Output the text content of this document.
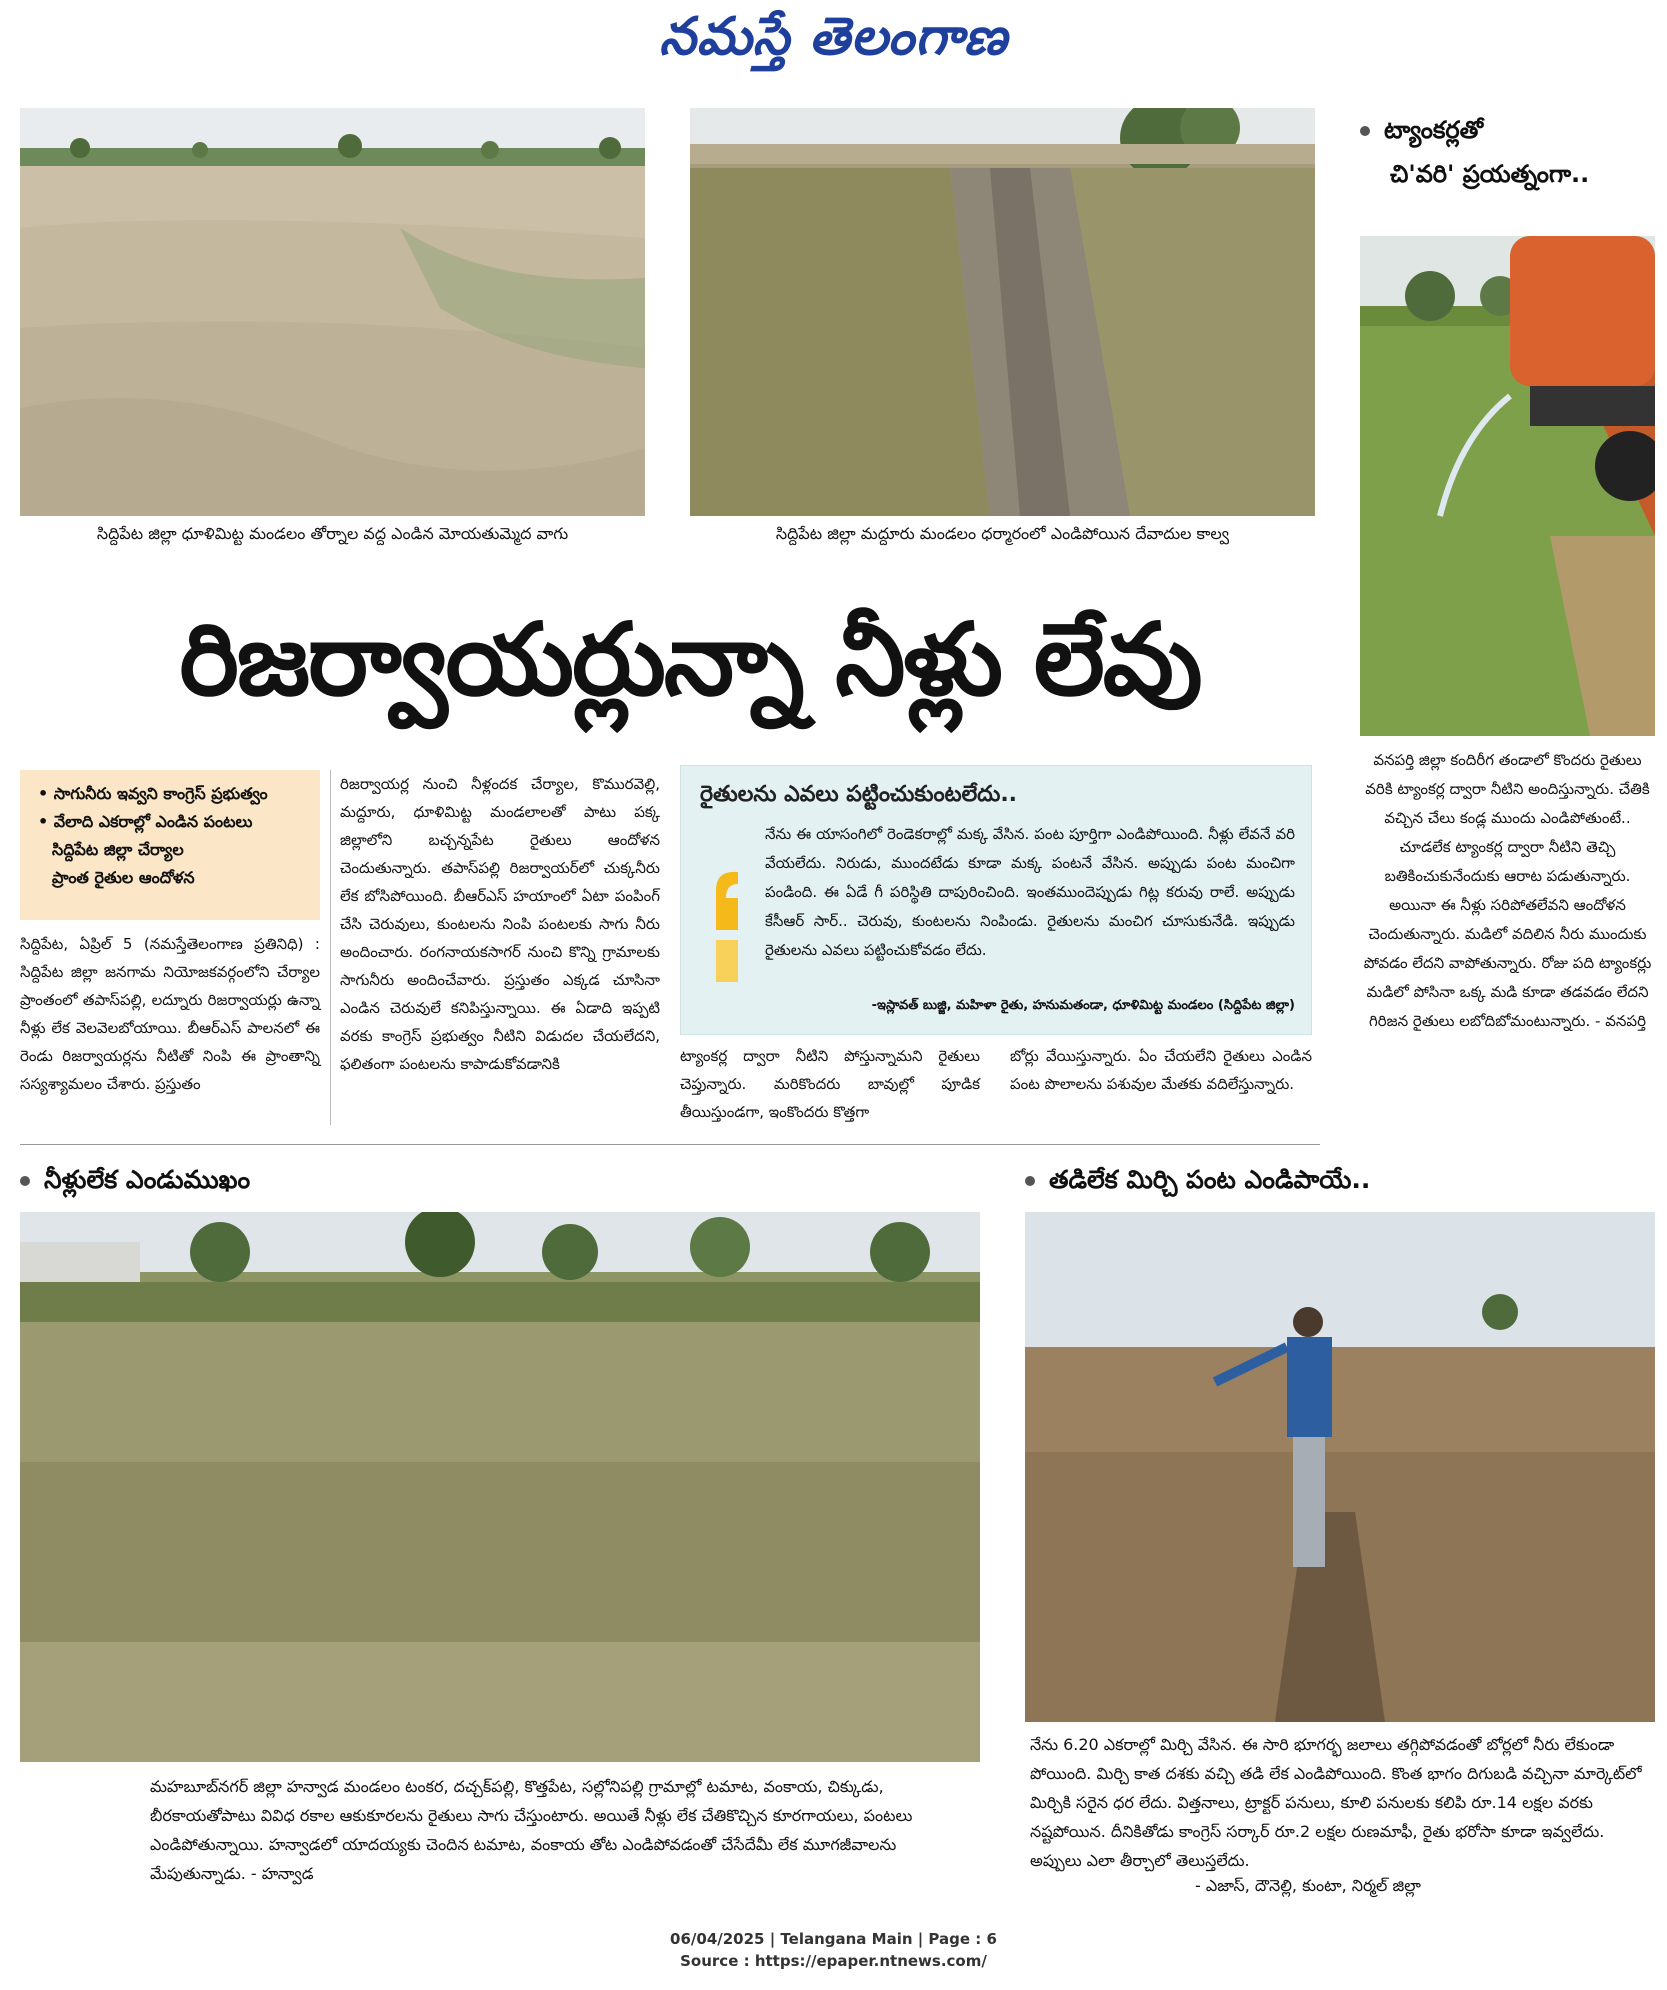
నమస్తే తెలంగాణ
సిద్దిపేట జిల్లా ధూళిమిట్ట మండలం తోర్నాల వద్ద ఎండిన మోయతుమ్మెద వాగు	సిద్దిపేట జిల్లా మద్దూరు మండలం ధర్మారంలో ఎండిపోయిన దేవాదుల కాల్వ
రిజర్వాయర్లున్నా నీళ్లు లేవు
ట్యాంకర్లతో
చి'వరి' ప్రయత్నంగా..
వనపర్తి జిల్లా కందిరీగ తండాలో కొందరు రైతులు వరికి ట్యాంకర్ల ద్వారా నీటిని అందిస్తున్నారు. చేతికి వచ్చిన చేలు కండ్ల ముందు ఎండిపోతుంటే.. చూడలేక ట్యాంకర్ల ద్వారా నీటిని తెచ్చి బతికించుకునేందుకు ఆరాట పడుతున్నారు. అయినా ఈ నీళ్లు సరిపోతలేవని ఆందోళన చెందుతున్నారు. మడిలో వదిలిన నీరు ముందుకు పోవడం లేదని వాపోతున్నారు. రోజు పది ట్యాంకర్లు మడిలో పోసినా ఒక్క మడి కూడా తడవడం లేదని గిరిజన రైతులు లబోదిబోమంటున్నారు. - వనపర్తి
• సాగునీరు ఇవ్వని కాంగ్రెస్ ప్రభుత్వం
• వేలాది ఎకరాల్లో ఎండిన పంటలు
సిద్దిపేట జిల్లా చేర్యాల
ప్రాంత రైతుల ఆందోళన
సిద్దిపేట, ఏప్రిల్ 5 (నమస్తేతెలంగాణ ప్రతినిధి) : సిద్దిపేట జిల్లా జనగామ నియోజకవర్గంలోని చేర్యాల ప్రాంతంలో తపాస్‌పల్లి, లద్నూరు రిజర్వాయర్లు ఉన్నా నీళ్లు లేక వెలవెలబోయాయి. బీఆర్‌ఎస్ పాలనలో ఈ రెండు రిజర్వాయర్లను నీటితో నింపి ఈ ప్రాంతాన్ని సస్యశ్యామలం చేశారు. ప్రస్తుతం
రిజర్వాయర్ల నుంచి నీళ్లందక చేర్యాల, కొమురవెల్లి, మద్దూరు, ధూళిమిట్ట మండలాలతో పాటు పక్క జిల్లాలోని బచ్చన్నపేట రైతులు ఆందోళన చెందుతున్నారు. తపాస్‌పల్లి రిజర్వాయర్‌లో చుక్కనీరు లేక బోసిపోయింది. బీఆర్‌ఎస్ హయాంలో ఏటా పంపింగ్ చేసి చెరువులు, కుంటలను నింపి పంటలకు సాగు నీరు అందించారు. రంగనాయకసాగర్ నుంచి కొన్ని గ్రామాలకు సాగునీరు అందించేవారు. ప్రస్తుతం ఎక్కడ చూసినా ఎండిన చెరువులే కనిపిస్తున్నాయి. ఈ ఏడాది ఇప్పటి వరకు కాంగ్రెస్ ప్రభుత్వం నీటిని విడుదల చేయలేదని, ఫలితంగా పంటలను కాపాడుకోవడానికి	ట్యాంకర్ల ద్వారా నీటిని పోస్తున్నామని రైతులు చెప్తున్నారు. మరికొందరు బావుల్లో పూడిక తీయిస్తుండగా, ఇంకొందరు కొత్తగా
బోర్లు వేయిస్తున్నారు. ఏం చేయలేని రైతులు ఎండిన పంట పొలాలను పశువుల మేతకు వదిలేస్తున్నారు.
రైతులను ఎవలు పట్టించుకుంటలేదు..
నేను ఈ యాసంగిలో రెండెకరాల్లో మక్క వేసిన. పంట పూర్తిగా ఎండిపోయింది. నీళ్లు లేవనే వరి వేయలేదు. నిరుడు, ముందటేడు కూడా మక్క పంటనే వేసిన. అప్పుడు పంట మంచిగా పండింది. ఈ ఏడే గీ పరిస్థితి దాపురించింది. ఇంతముందెప్పుడు గిట్ల కరువు రాలే. అప్పుడు కేసీఆర్ సార్.. చెరువు, కుంటలను నింపిండు. రైతులను మంచిగ చూసుకునేడి. ఇప్పుడు రైతులను ఎవలు పట్టించుకోవడం లేదు.
-ఇస్లావత్ బుజ్జి, మహిళా రైతు, హనుమతండా, ధూళిమిట్ట మండలం (సిద్దిపేట జిల్లా)
నీళ్లులేక ఎండుముఖం
మహబూబ్‌నగర్ జిల్లా హన్వాడ మండలం టంకర, దచ్చక్‌పల్లి, కొత్తపేట, సల్లోనిపల్లి గ్రామాల్లో టమాట, వంకాయ, చిక్కుడు, బీరకాయతోపాటు వివిధ రకాల ఆకుకూరలను రైతులు సాగు చేస్తుంటారు. అయితే నీళ్లు లేక చేతికొచ్చిన కూరగాయలు, పంటలు ఎండిపోతున్నాయి. హన్వాడలో యాదయ్యకు చెందిన టమాట, వంకాయ తోట ఎండిపోవడంతో చేసేదేమీ లేక మూగజీవాలను మేపుతున్నాడు. - హన్వాడ
తడిలేక మిర్చి పంట ఎండిపాయే..
నేను 6.20 ఎకరాల్లో మిర్చి వేసిన. ఈ సారి భూగర్భ జలాలు తగ్గిపోవడంతో బోర్లలో నీరు లేకుండా పోయింది. మిర్చి కాత దశకు వచ్చి తడి లేక ఎండిపోయింది. కొంత భాగం దిగుబడి వచ్చినా మార్కెట్‌లో మిర్చికి సరైన ధర లేదు. విత్తనాలు, ట్రాక్టర్ పనులు, కూలి పనులకు కలిపి రూ.14 లక్షల వరకు నష్టపోయిన. దీనికితోడు కాంగ్రెస్ సర్కార్ రూ.2 లక్షల రుణమాఫీ, రైతు భరోసా కూడా ఇవ్వలేదు. అప్పులు ఎలా తీర్చాలో తెలుస్తలేదు.
- ఎజాస్, దౌనెల్లి, కుంటా, నిర్మల్ జిల్లా
06/04/2025 | Telangana Main | Page : 6
Source : https://epaper.ntnews.com/
